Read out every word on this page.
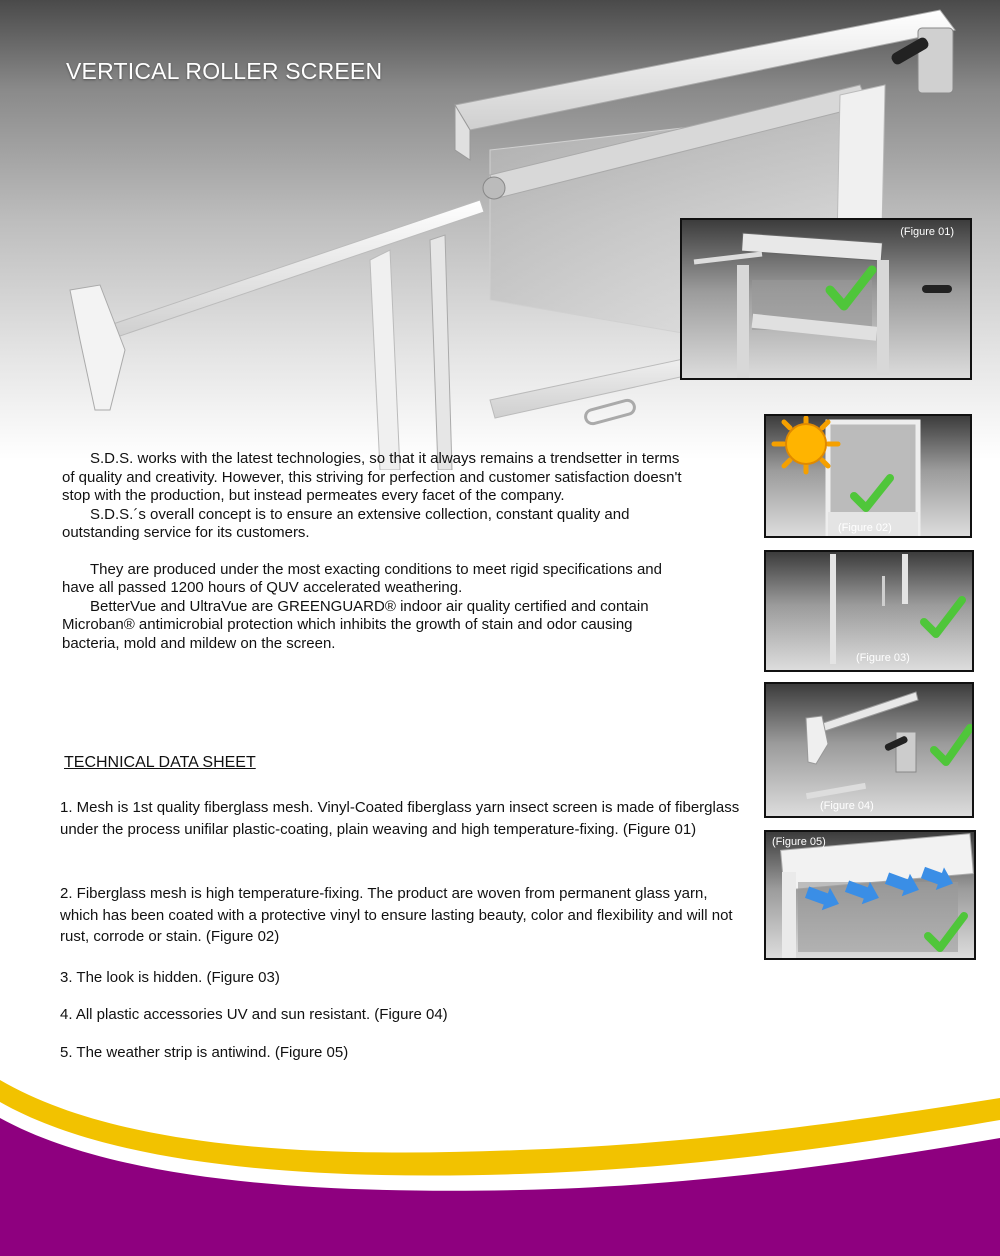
VERTICAL ROLLER SCREEN
(Figure 01)
(Figure 02)
(Figure 03)
(Figure 04)
(Figure 05)

S.D.S. works with the latest technologies, so that it always remains a trendsetter in terms of quality and creativity. However, this striving for perfection and customer satisfaction doesn't stop with the production, but instead permeates every facet of the company.

S.D.S.´s overall concept is to ensure an extensive collection, constant quality and outstanding service for its customers.

They are produced under the most exacting conditions to meet rigid specifications and have all passed 1200 hours of QUV accelerated weathering.

BetterVue and UltraVue are GREENGUARD® indoor air quality certified and contain Microban® antimicrobial protection which inhibits the growth of stain and odor causing bacteria, mold and mildew on the screen.

TECHNICAL DATA SHEET
1. Mesh is 1st quality fiberglass mesh. Vinyl-Coated fiberglass yarn insect screen is made of fiberglass under the process unifilar plastic-coating, plain weaving and high temperature-fixing. (Figure 01)
2. Fiberglass mesh is high temperature-fixing. The product are woven from permanent glass yarn, which has been coated with a protective vinyl to ensure lasting beauty, color and flexibility and will not rust, corrode or stain. (Figure 02)
3. The look is hidden. (Figure 03)
4. All plastic accessories UV and sun resistant. (Figure 04)
5. The weather strip is antiwind. (Figure 05)
